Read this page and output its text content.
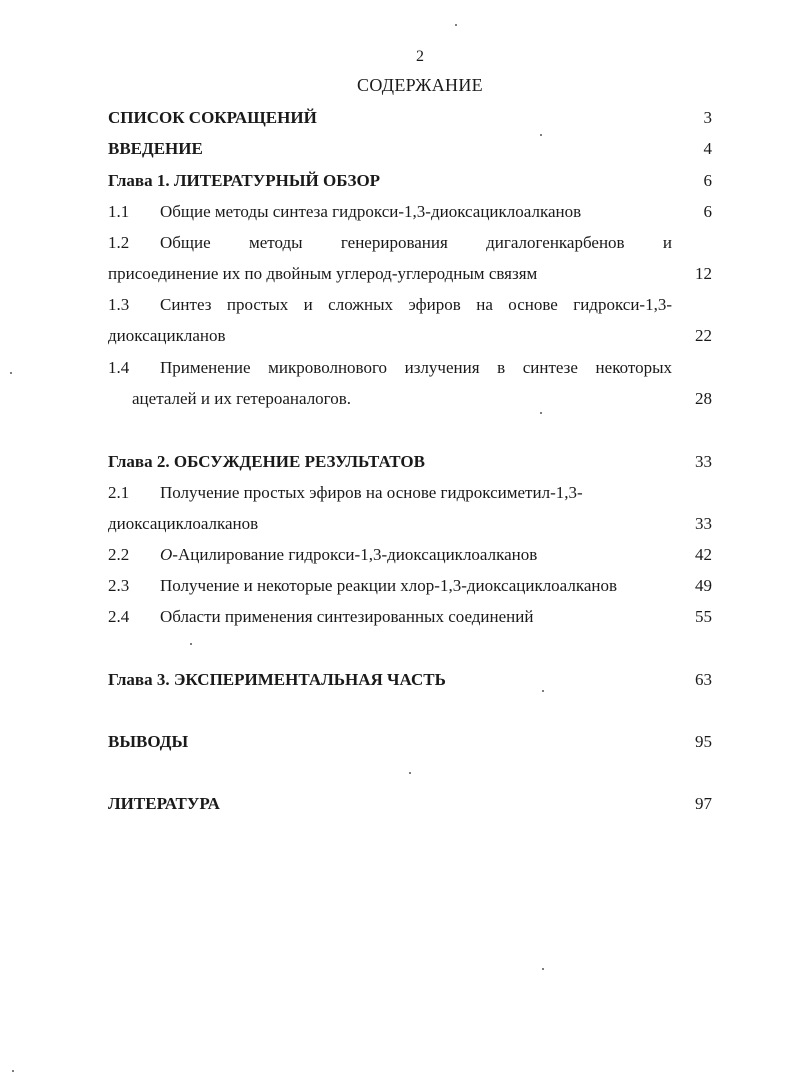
2
СОДЕРЖАНИЕ
СПИСОК СОКРАЩЕНИЙ	3
ВВЕДЕНИЕ	4
Глава 1. ЛИТЕРАТУРНЫЙ ОБЗОР	6
1.1 Общие методы синтеза гидрокси-1,3-диоксациклоалканов	6
1.2	Общие методы генерирования дигалогенкарбенов и
присоединение их по двойным углерод-углеродным связям	12
1.3	Синтез простых и сложных эфиров на основе гидрокси-1,3-
диоксацикланов	22
1.4	Применение микроволнового излучения в синтезе некоторых
ацеталей и их гетероаналогов.	28
Глава 2. ОБСУЖДЕНИЕ РЕЗУЛЬТАТОВ	33
2.1 Получение простых эфиров на основе гидроксиметил-1,3-
диоксациклоалканов	33
2.2 О-Ацилирование гидрокси-1,3-диоксациклоалканов	42
2.3 Получение и некоторые реакции хлор-1,3-диоксациклоалканов	49
2.4 Области применения синтезированных соединений	55
Глава 3. ЭКСПЕРИМЕНТАЛЬНАЯ ЧАСТЬ	63
ВЫВОДЫ	95
ЛИТЕРАТУРА	97
